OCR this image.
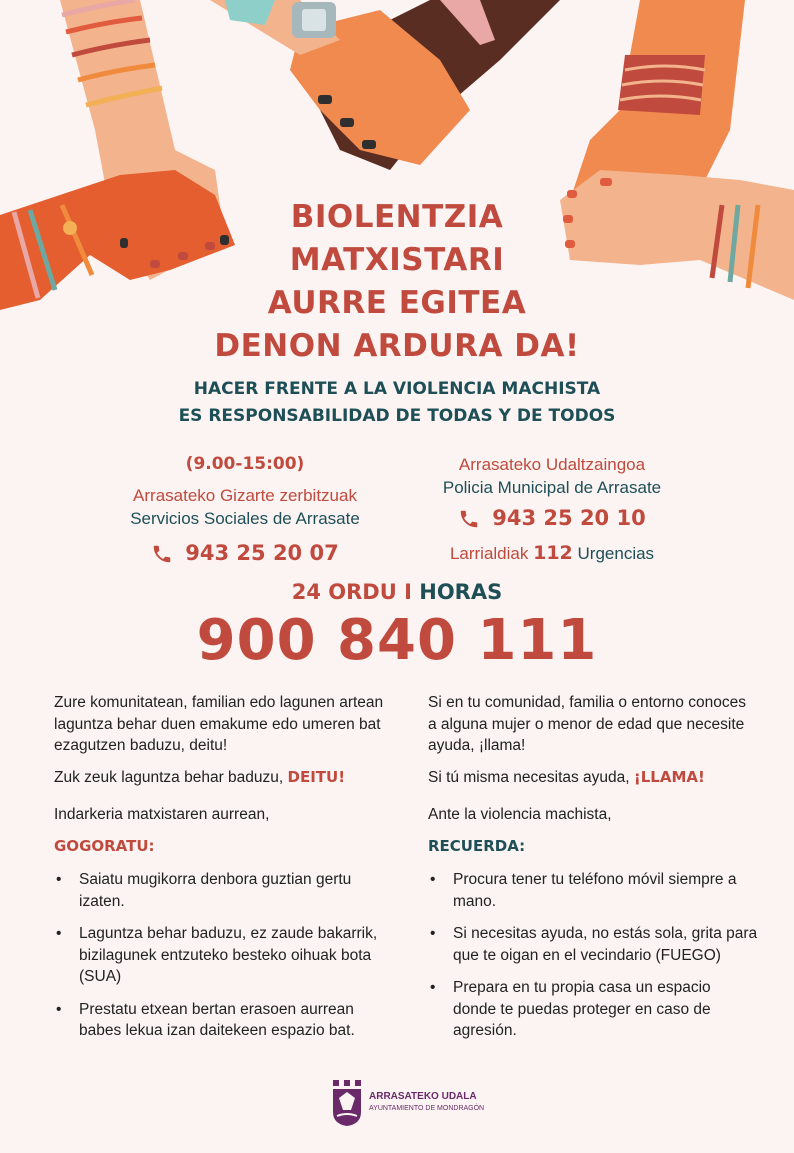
BIOLENTZIA
MATXISTARI
AURRE EGITEA
DENON ARDURA DA!
HACER FRENTE A LA VIOLENCIA MACHISTA
ES RESPONSABILIDAD DE TODAS Y DE TODOS
(9.00-15:00)
Arrasateko Gizarte zerbitzuak
Servicios Sociales de Arrasate
943 25 20 07
Arrasateko Udaltzaingoa
Policia Municipal de Arrasate
943 25 20 10
Larrialdiak 112 Urgencias
24 ORDU I HORAS
900 840 111

Zure komunitatean, familian edo lagunen artean laguntza behar duen emakume edo umeren bat ezagutzen baduzu, deitu!

Zuk zeuk laguntza behar baduzu, DEITU!

Indarkeria matxistaren aurrean,

GOGORATU:

• Saiatu mugikorra denbora guztian gertu izaten.
• Laguntza behar baduzu, ez zaude bakarrik, bizilagunek entzuteko besteko oihuak bota (SUA)
• Prestatu etxean bertan erasoen aurrean babes lekua izan daitekeen espazio bat.

Si en tu comunidad, familia o entorno conoces a alguna mujer o menor de edad que necesite ayuda, ¡llama!

Si tú misma necesitas ayuda, ¡LLAMA!

Ante la violencia machista,

RECUERDA:

• Procura tener tu teléfono móvil siempre a mano.
• Si necesitas ayuda, no estás sola, grita para que te oigan en el vecindario (FUEGO)
• Prepara en tu propia casa un espacio donde te puedas proteger en caso de agresión.
ARRASATEKO UDALA
AYUNTAMIENTO DE MONDRAGÓN
